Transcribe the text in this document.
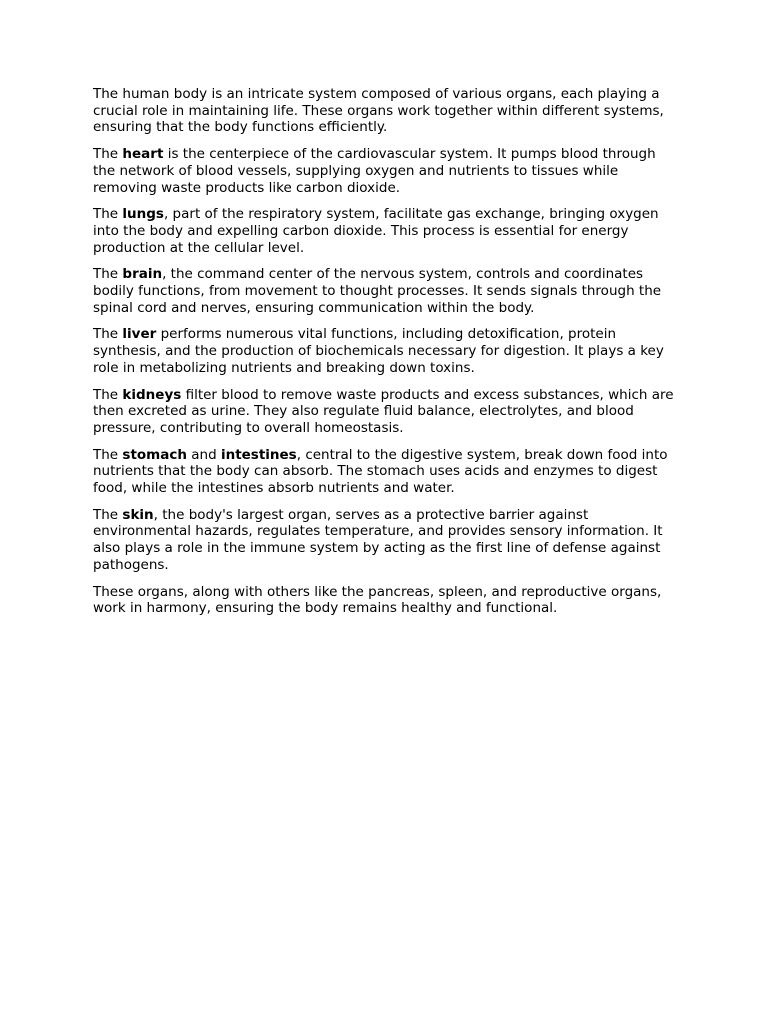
The human body is an intricate system composed of various organs, each playing a crucial role in maintaining life. These organs work together within different systems, ensuring that the body functions efficiently.

The heart is the centerpiece of the cardiovascular system. It pumps blood through the network of blood vessels, supplying oxygen and nutrients to tissues while removing waste products like carbon dioxide.

The lungs, part of the respiratory system, facilitate gas exchange, bringing oxygen into the body and expelling carbon dioxide. This process is essential for energy production at the cellular level.

The brain, the command center of the nervous system, controls and coordinates bodily functions, from movement to thought processes. It sends signals through the spinal cord and nerves, ensuring communication within the body.

The liver performs numerous vital functions, including detoxification, protein synthesis, and the production of biochemicals necessary for digestion. It plays a key role in metabolizing nutrients and breaking down toxins.

The kidneys filter blood to remove waste products and excess substances, which are then excreted as urine. They also regulate fluid balance, electrolytes, and blood pressure, contributing to overall homeostasis.

The stomach and intestines, central to the digestive system, break down food into nutrients that the body can absorb. The stomach uses acids and enzymes to digest food, while the intestines absorb nutrients and water.

The skin, the body's largest organ, serves as a protective barrier against environmental hazards, regulates temperature, and provides sensory information. It also plays a role in the immune system by acting as the first line of defense against pathogens.

These organs, along with others like the pancreas, spleen, and reproductive organs, work in harmony, ensuring the body remains healthy and functional.
